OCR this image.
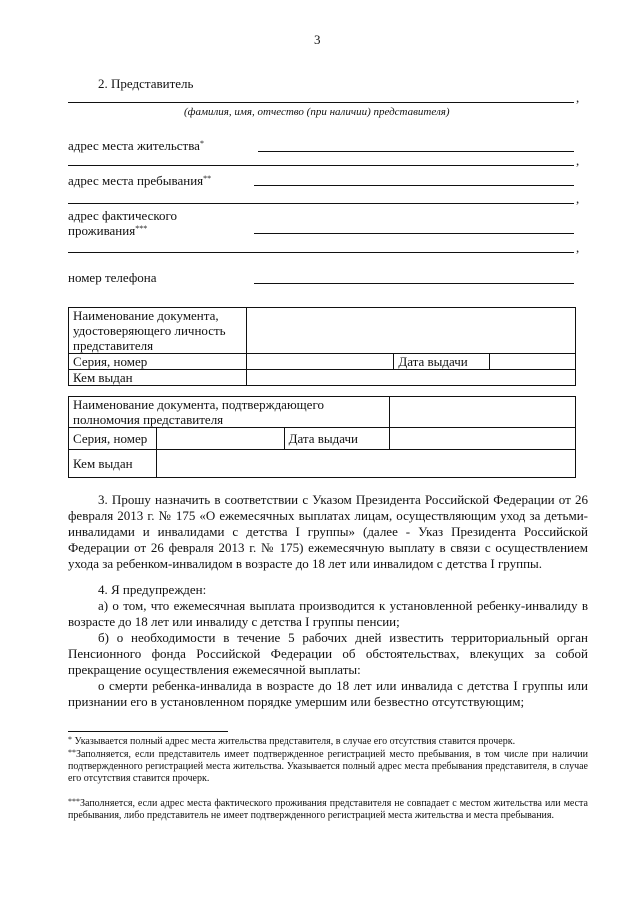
3
2. Представитель
,
(фамилия, имя, отчество (при наличии) представителя)
адрес места жительства*
,
адрес места пребывания**
,
адрес фактического
проживания***
,
номер телефона
Наименование документа, удостоверяющего личность представителя			
Серия, номер		Дата выдачи	
Кем выдан			
Наименование документа, подтверждающего полномочия представителя			
Серия, номер		Дата выдачи	
Кем выдан			
3. Прошу назначить в соответствии с Указом Президента Российской Федерации от 26 февраля 2013 г. № 175 «О ежемесячных выплатах лицам, осуществляющим уход за детьми-инвалидами и инвалидами с детства I группы» (далее - Указ Президента Российской Федерации от 26 февраля 2013 г. № 175) ежемесячную выплату в связи с осуществлением ухода за ребенком-инвалидом в возрасте до 18 лет или инвалидом с детства I группы.
4. Я предупрежден:
а) о том, что ежемесячная выплата производится к установленной ребенку-инвалиду в возрасте до 18 лет или инвалиду с детства I группы пенсии;
б) о необходимости в течение 5 рабочих дней известить территориальный орган Пенсионного фонда Российской Федерации об обстоятельствах, влекущих за собой прекращение осуществления ежемесячной выплаты:
о смерти ребенка-инвалида в возрасте до 18 лет или инвалида с детства I группы или признании его в установленном порядке умершим или безвестно отсутствующим;
* Указывается полный адрес места жительства представителя, в случае его отсутствия ставится прочерк.
**Заполняется, если представитель имеет подтвержденное регистрацией место пребывания, в том числе при наличии подтвержденного регистрацией места жительства. Указывается полный адрес места пребывания представителя, в случае его отсутствия ставится прочерк.
***Заполняется, если адрес места фактического проживания представителя не совпадает с местом жительства или места пребывания, либо представитель не имеет подтвержденного регистрацией места жительства и места пребывания.
